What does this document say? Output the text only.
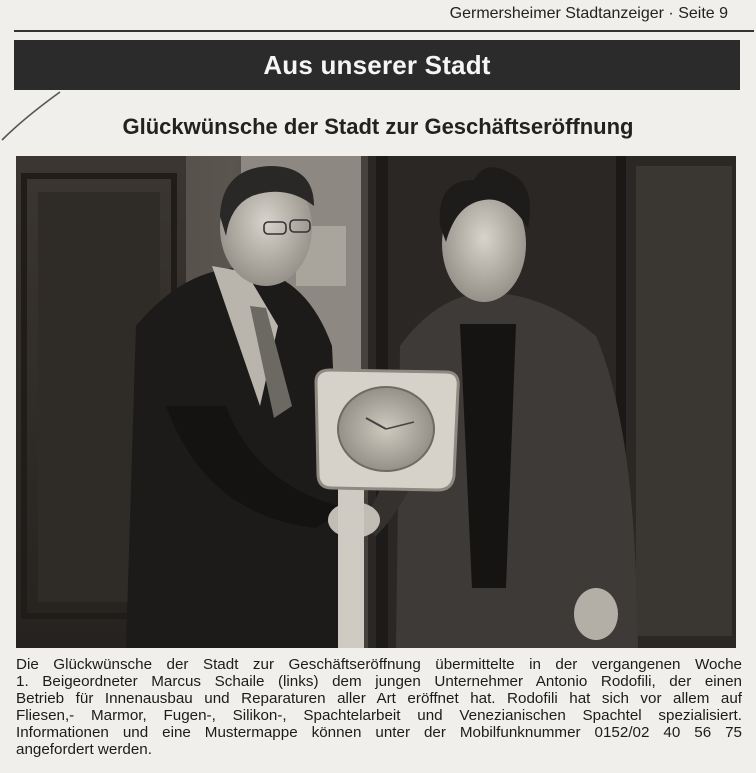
Germersheimer Stadtanzeiger · Seite 9
Aus unserer Stadt
Glückwünsche der Stadt zur Geschäftseröffnung
Die Glückwünsche der Stadt zur Geschäftseröffnung übermittelte in der vergangenen Woche
1. Beigeordneter Marcus Schaile (links) dem jungen Unternehmer Antonio Rodofili, der einen
Betrieb für Innenausbau und Reparaturen aller Art eröffnet hat. Rodofili hat sich vor allem auf
Fliesen,- Marmor, Fugen-, Silikon-, Spachtelarbeit und Venezianischen Spachtel spezialisiert.
Informationen und eine Mustermappe können unter der Mobilfunknummer 0152/02 40 56 75
angefordert werden.
